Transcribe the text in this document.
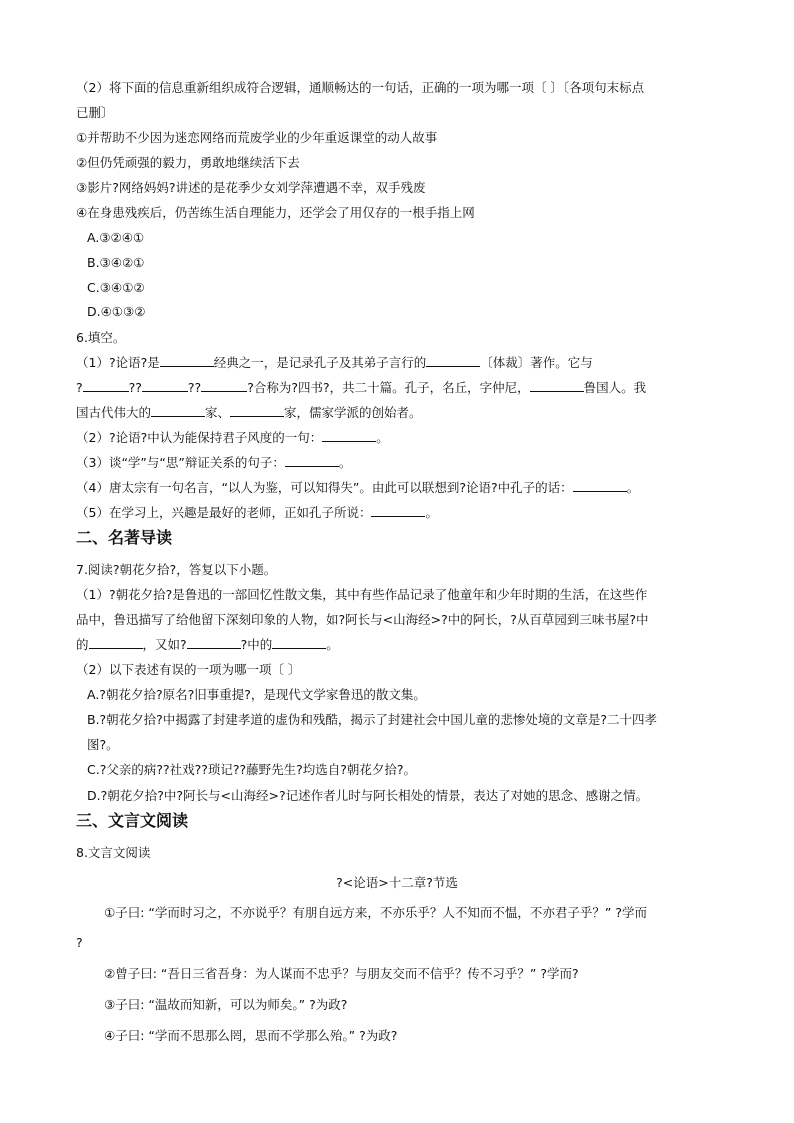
（2）将下面的信息重新组织成符合逻辑，通顺畅达的一句话，正确的一项为哪一项〔 〕〔各项句末标点
已删〕
①并帮助不少因为迷恋网络而荒废学业的少年重返课堂的动人故事
②但仍凭顽强的毅力，勇敢地继续活下去
③影片?网络妈妈?讲述的是花季少女刘学萍遭遇不幸，双手残废
④在身患残疾后，仍苦练生活自理能力，还学会了用仅存的一根手指上网
A.③②④①
B.③④②①
C.③④①②
D.④①③②
6.填空。
（1）?论语?是	经典之一，是记录孔子及其弟子言行的	〔体裁〕著作。它与
?	??	??	?合称为?四书?，共二十篇。孔子，名丘，字仲尼，	鲁国人。我
国古代伟大的	家、	家，儒家学派的创始者。
（2）?论语?中认为能保持君子风度的一句：	。
（3）谈“学”与“思”辩证关系的句子：	。
（4）唐太宗有一句名言，“以人为鉴，可以知得失”。由此可以联想到?论语?中孔子的话：	。
（5）在学习上，兴趣是最好的老师，正如孔子所说：	。
二、名著导读
7.阅读?朝花夕拾?，答复以下小题。
（1）?朝花夕拾?是鲁迅的一部回忆性散文集，其中有些作品记录了他童年和少年时期的生活，在这些作
品中，鲁迅描写了给他留下深刻印象的人物，如?阿长与<山海经>?中的阿长，?从百草园到三味书屋?中
的	，又如?	?中的	。
（2）以下表述有误的一项为哪一项〔 〕
A.?朝花夕拾?原名?旧事重提?，是现代文学家鲁迅的散文集。
B.?朝花夕拾?中揭露了封建孝道的虚伪和残酷，揭示了封建社会中国儿童的悲惨处境的文章是?二十四孝
图?。
C.?父亲的病??社戏??琐记??藤野先生?均选自?朝花夕拾?。
D.?朝花夕拾?中?阿长与<山海经>?记述作者儿时与阿长相处的情景，表达了对她的思念、感谢之情。
三、文言文阅读
8.文言文阅读
?<论语>十二章?节选
①子曰: “学而时习之，不亦说乎？有朋自远方来，不亦乐乎？人不知而不愠，不亦君子乎？” ?学而
?
②曾子曰: “吾日三省吾身：为人谋而不忠乎？与朋友交而不信乎？传不习乎？” ?学而?
③子曰: “温故而知新，可以为师矣。” ?为政?
④子曰: “学而不思那么罔，思而不学那么殆。” ?为政?
